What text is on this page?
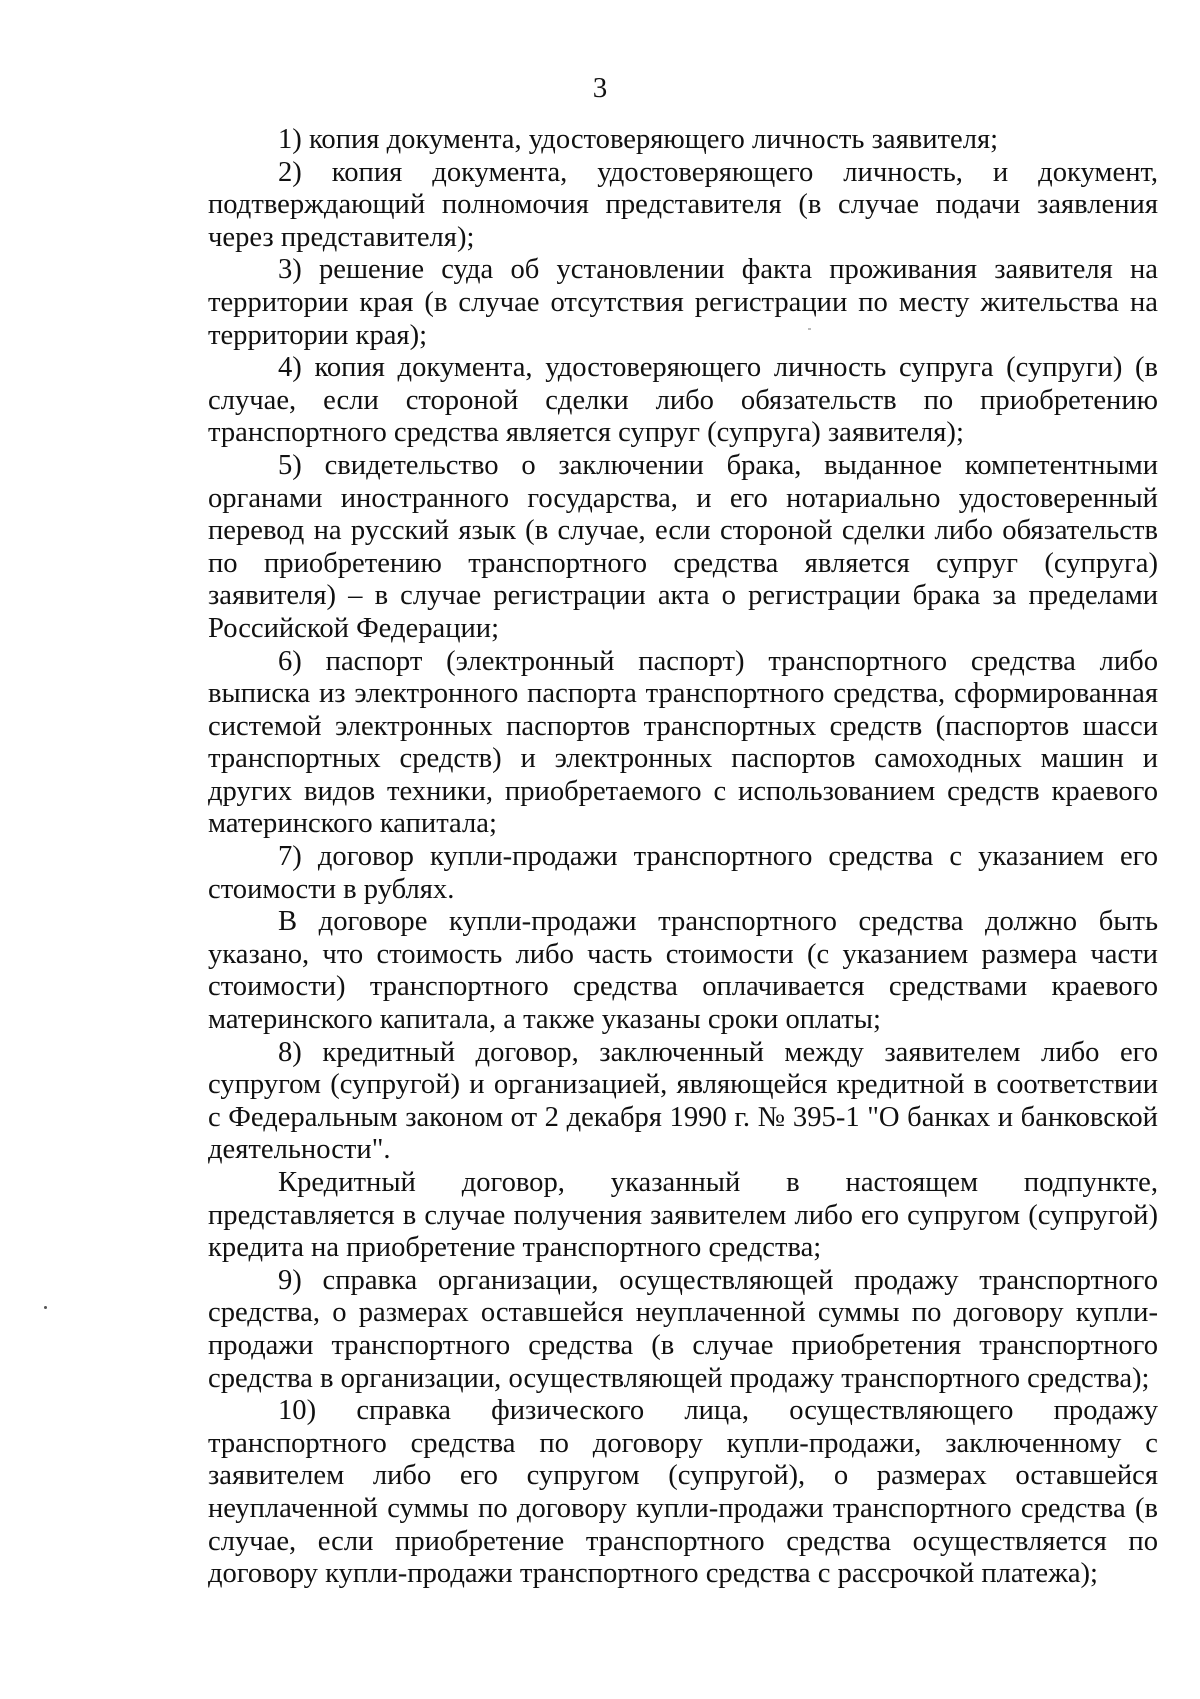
3

1) копия документа, удостоверяющего личность заявителя;

2) копия документа, удостоверяющего личность, и документ, подтверждающий полномочия представителя (в случае подачи заявления через представителя);

3) решение суда об установлении факта проживания заявителя на территории края (в случае отсутствия регистрации по месту жительства на территории края);

4) копия документа, удостоверяющего личность супруга (супруги) (в случае, если стороной сделки либо обязательств по приобретению транспортного средства является супруг (супруга) заявителя);

5) свидетельство о заключении брака, выданное компетентными органами иностранного государства, и его нотариально удостоверенный перевод на русский язык (в случае, если стороной сделки либо обязательств по приобретению транспортного средства является супруг (супруга) заявителя) – в случае регистрации акта о регистрации брака за пределами Российской Федерации;

6) паспорт (электронный паспорт) транспортного средства либо выписка из электронного паспорта транспортного средства, сформированная системой электронных паспортов транспортных средств (паспортов шасси транспортных средств) и электронных паспортов самоходных машин и других видов техники, приобретаемого с использованием средств краевого материнского капитала;

7) договор купли-продажи транспортного средства с указанием его стоимости в рублях.

В договоре купли-продажи транспортного средства должно быть указано, что стоимость либо часть стоимости (с указанием размера части стоимости) транспортного средства оплачивается средствами краевого материнского капитала, а также указаны сроки оплаты;

8) кредитный договор, заключенный между заявителем либо его супругом (супругой) и организацией, являющейся кредитной в соответствии с Федеральным законом от 2 декабря 1990 г. № 395-1 "О банках и банковской деятельности".

Кредитный договор, указанный в настоящем подпункте, представляется в случае получения заявителем либо его супругом (супругой) кредита на приобретение транспортного средства;

9) справка организации, осуществляющей продажу транспортного средства, о размерах оставшейся неуплаченной суммы по договору купли-продажи транспортного средства (в случае приобретения транспортного средства в организации, осуществляющей продажу транспортного средства);

10) справка физического лица, осуществляющего продажу транспортного средства по договору купли-продажи, заключенному с заявителем либо его супругом (супругой), о размерах оставшейся неуплаченной суммы по договору купли-продажи транспортного средства (в случае, если приобретение транспортного средства осуществляется по договору купли-продажи транспортного средства с рассрочкой платежа);
